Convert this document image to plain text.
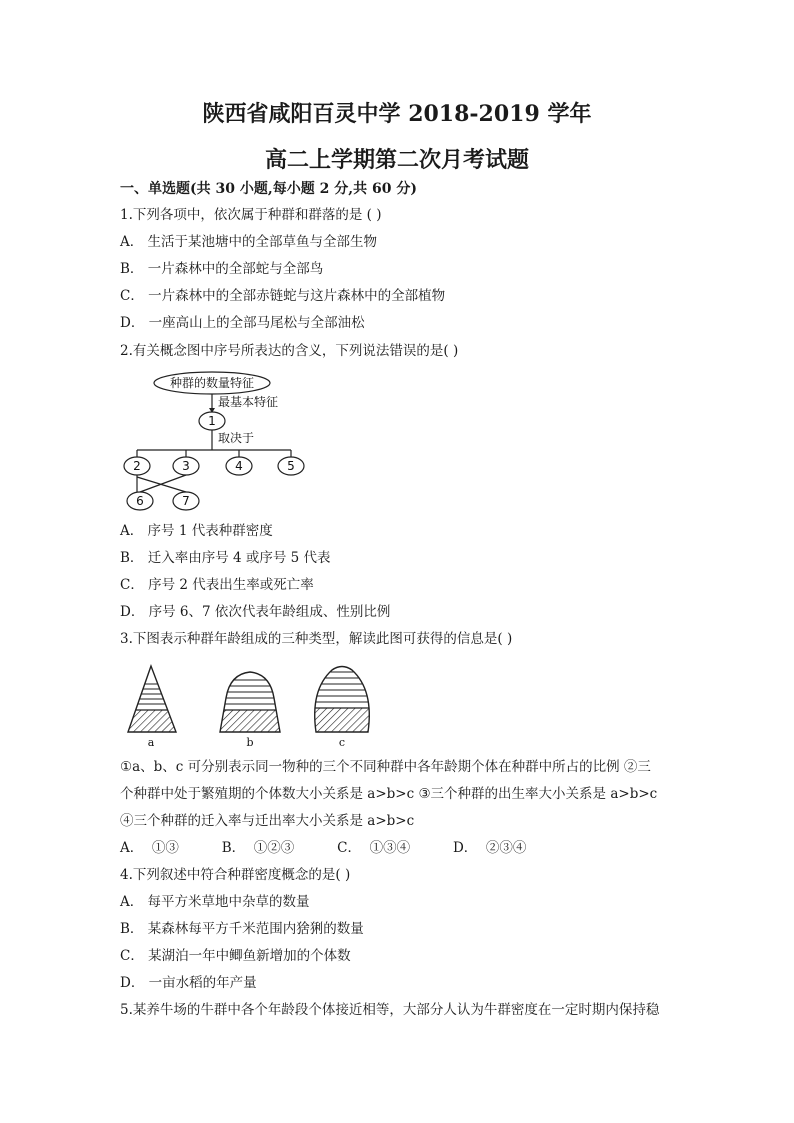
陕西省咸阳百灵中学 2018-2019 学年
高二上学期第二次月考试题
一、单选题(共 30 小题,每小题 2 分,共 60 分)
1.下列各项中，依次属于种群和群落的是 ( )
A． 生活于某池塘中的全部草鱼与全部生物
B． 一片森林中的全部蛇与全部鸟
C． 一片森林中的全部赤链蛇与这片森林中的全部植物
D． 一座高山上的全部马尾松与全部油松
2.有关概念图中序号所表达的含义，下列说法错误的是( )
种群的数量特征
最基本特征
1
取决于
2	3	4	5
6	7
A． 序号 1 代表种群密度
B． 迁入率由序号 4 或序号 5 代表
C． 序号 2 代表出生率或死亡率
D． 序号 6、7 依次代表年龄组成、性别比例
3.下图表示种群年龄组成的三种类型，解读此图可获得的信息是( )
a	b	c
①a、b、c 可分别表示同一物种的三个不同种群中各年龄期个体在种群中所占的比例 ②三
个种群中处于繁殖期的个体数大小关系是 a>b>c ③三个种群的出生率大小关系是 a>b>c
④三个种群的迁入率与迁出率大小关系是 a>b>c
A．  ①③          B．  ①②③          C．  ①③④          D．  ②③④
4.下列叙述中符合种群密度概念的是( )
A． 每平方米草地中杂草的数量
B． 某森林每平方千米范围内猞猁的数量
C． 某湖泊一年中鲫鱼新增加的个体数
D． 一亩水稻的年产量
5.某养牛场的牛群中各个年龄段个体接近相等，大部分人认为牛群密度在一定时期内保持稳
